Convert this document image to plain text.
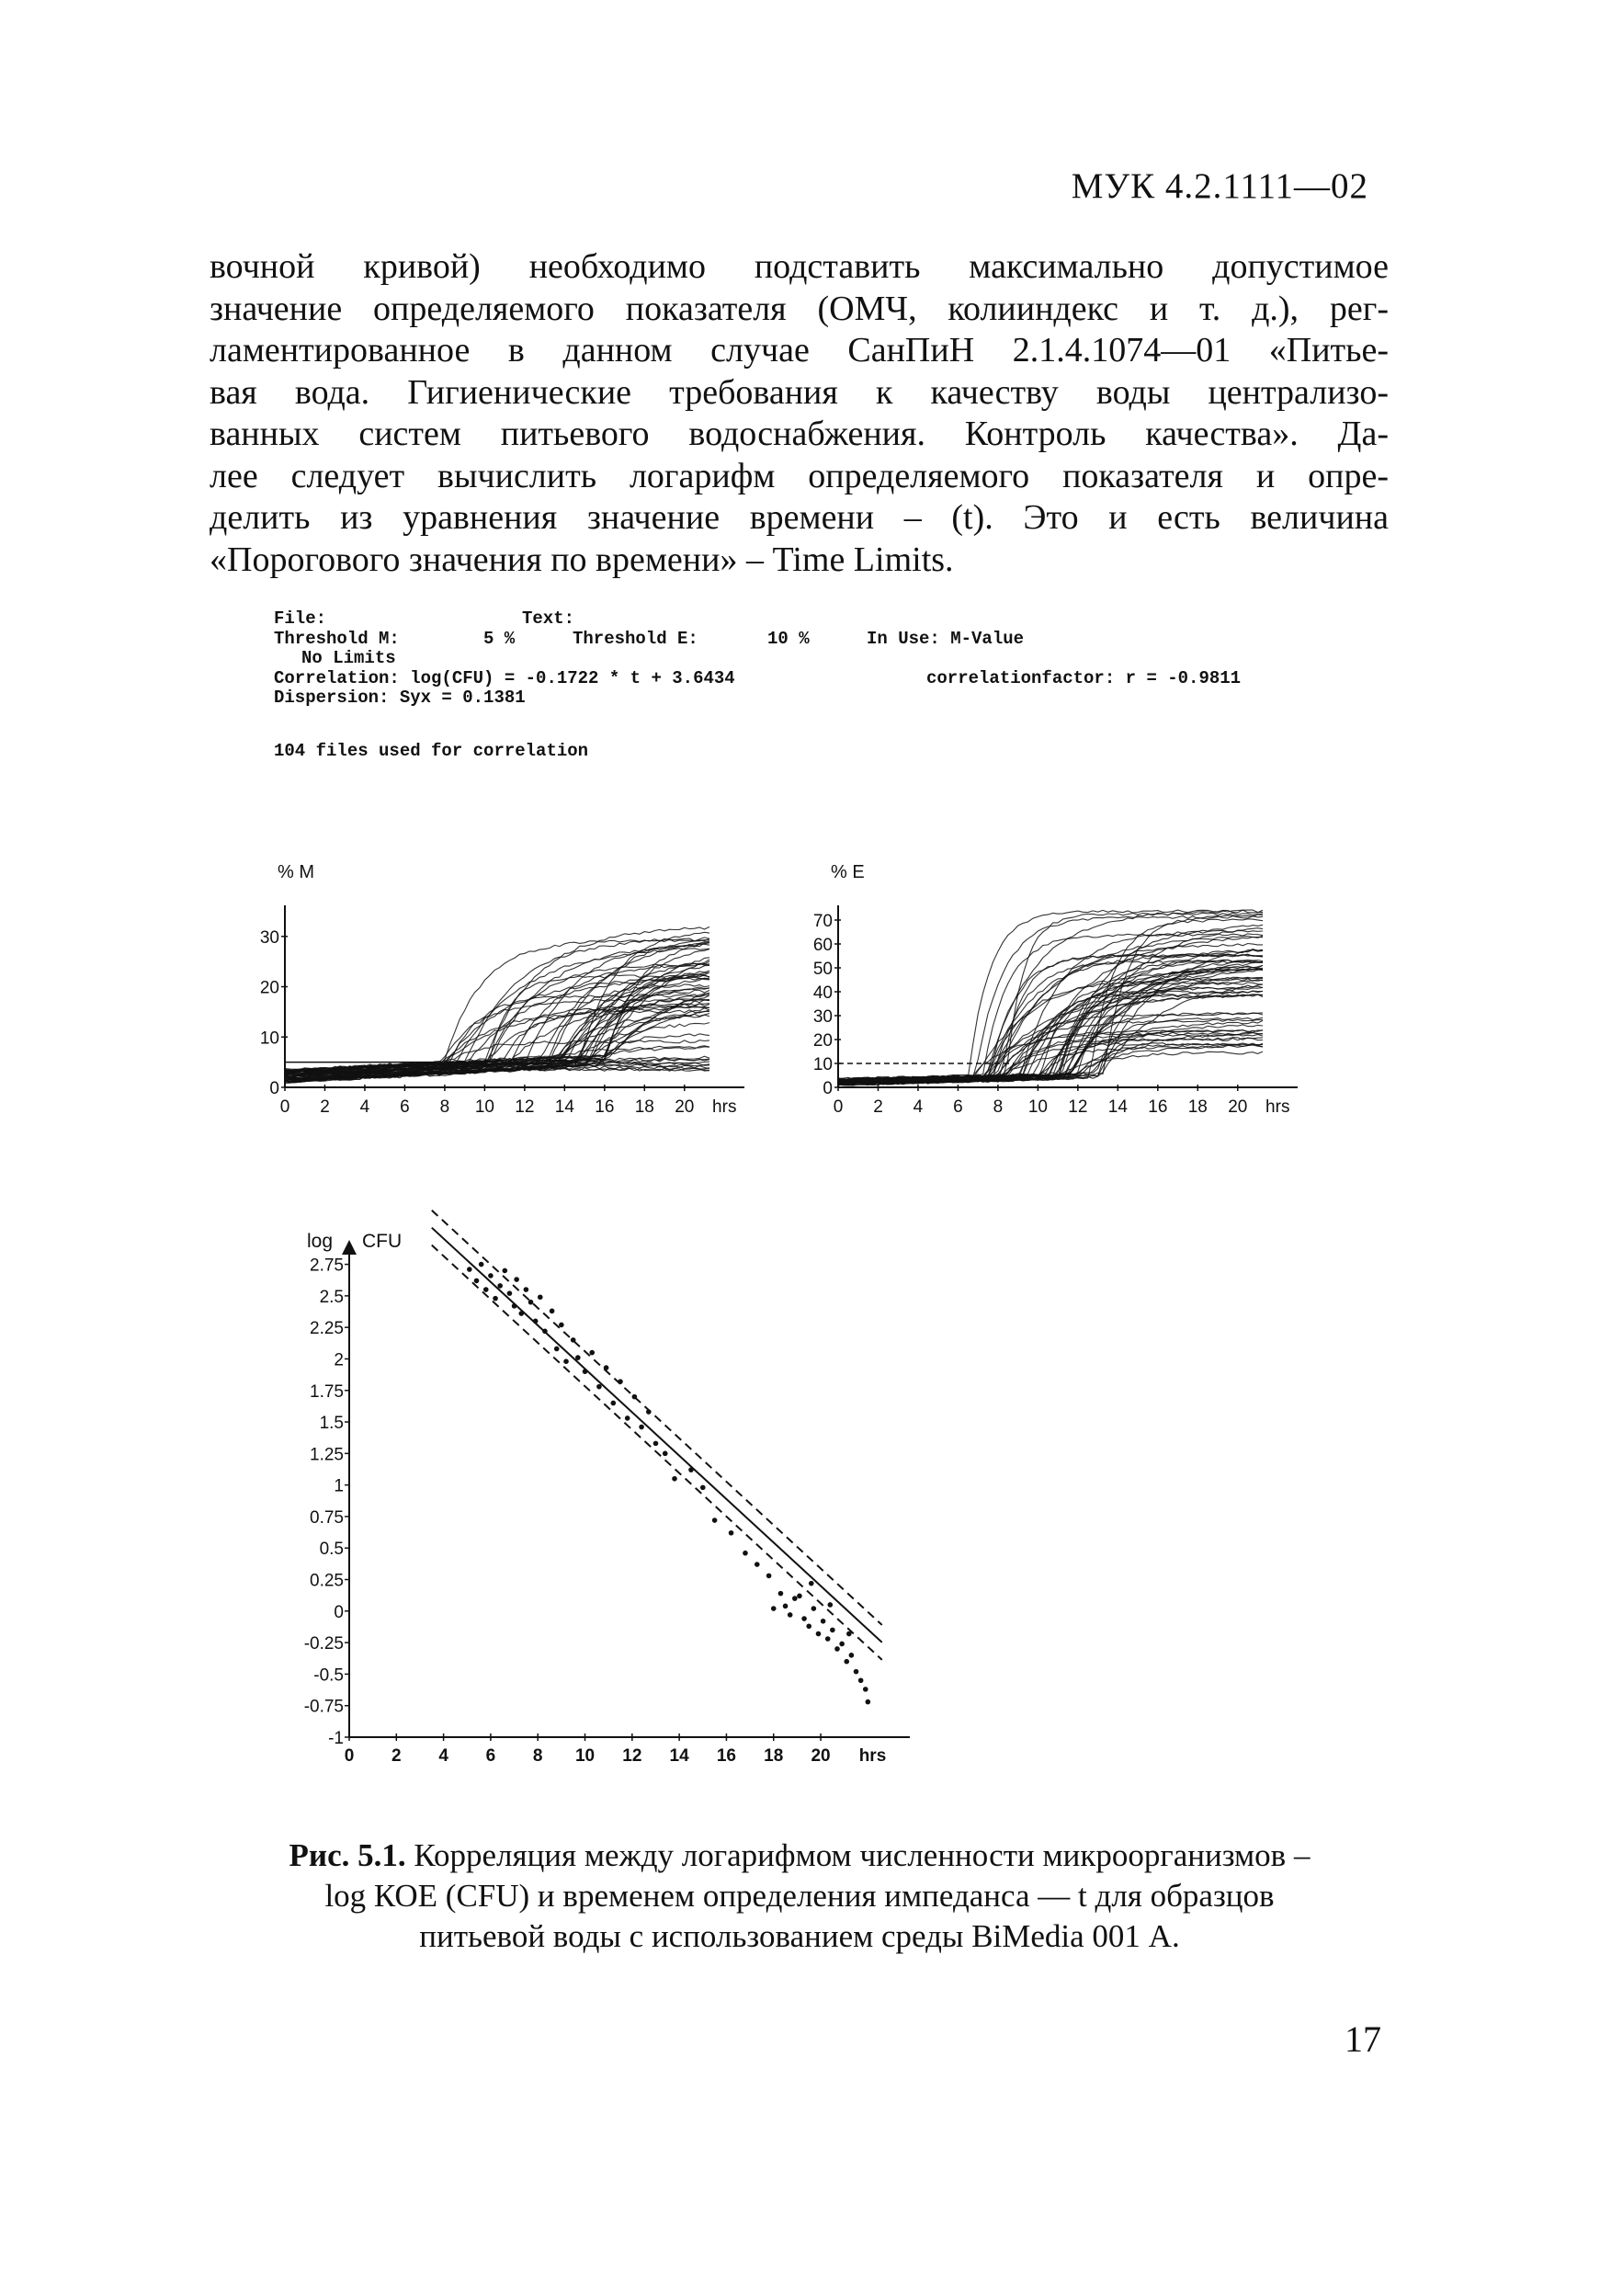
МУК 4.2.1111—02
вочной кривой) необходимо подставить максимально допустимое
значение определяемого показателя (ОМЧ, колииндекс и т. д.), рег-
ламентированное в данном случае СанПиН 2.1.4.1074—01 «Питье-
вая вода. Гигиенические требования к качеству воды централизо-
ванных систем питьевого водоснабжения. Контроль качества». Да-
лее следует вычислить логарифм определяемого показателя и опре-
делить из уравнения значение времени – (t). Это и есть величина
«Порогового значения по времени» – Time Limits.
File:	Text:
Threshold M:	5 %	Threshold E:	10 %	In Use: M-Value
No Limits
Correlation: log(CFU) = -0.1722 * t + 3.6434	correlationfactor: r = -0.9811
Dispersion: Syx = 0.1381
104 files used for correlation
% M
0
10
20
30
0 2 4 6 8 10 12 14 16 18 20 hrs
% E
0
10
20
30
40
50
60
70
0 2 4 6 8 10 12 14 16 18 20 hrs
log CFU
-1
-0.75
-0.5
-0.25
0
0.25
0.5
0.75
1
1.25
1.5
1.75
2
2.25
2.5
2.75
0 2 4 6 8 10 12 14 16 18 20 hrs
Рис. 5.1. Корреляция между логарифмом численности микроорганизмов –
log КОЕ (CFU) и временем определения импеданса — t для образцов
питьевой воды с использованием среды BiMedia 001 А.
17
